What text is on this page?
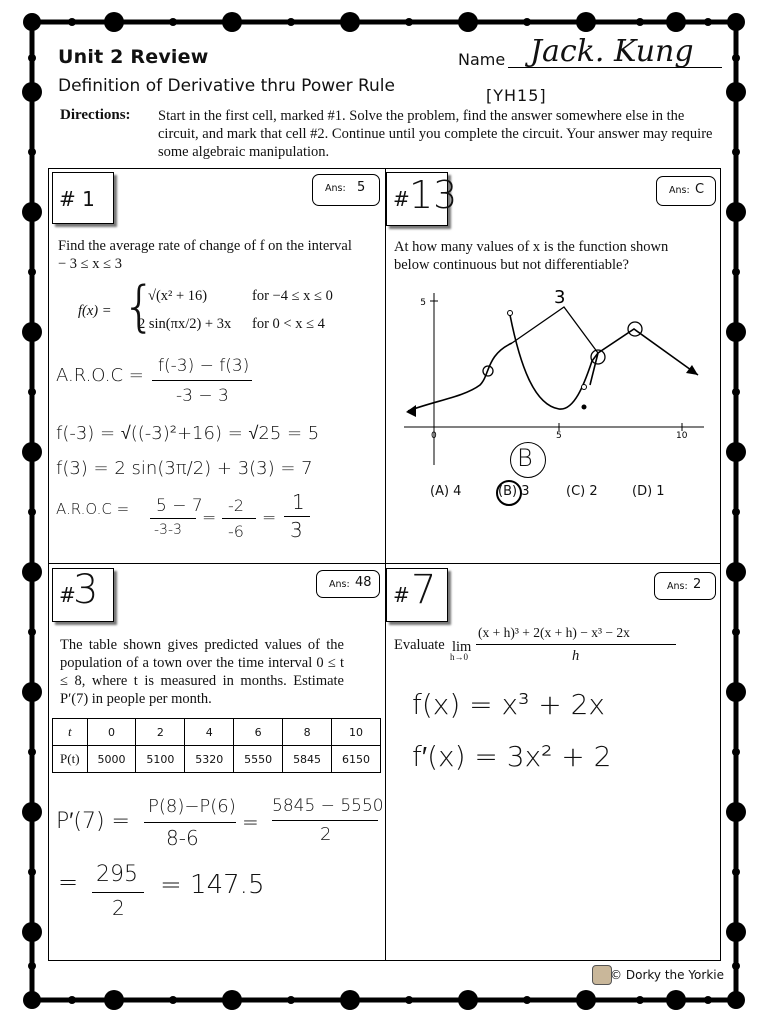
Unit 2 Review
Definition of Derivative thru Power Rule
Name Jack. Kung
[YH15]
Directions: Start in the first cell, marked #1. Solve the problem, find the answer somewhere else in the circuit, and mark that cell #2. Continue until you complete the circuit. Your answer may require some algebraic manipulation.
# 1	Ans: 5
Find the average rate of change of f on the interval
− 3 ≤ x ≤ 3
f(x) = {
√(x² + 16)	for −4 ≤ x ≤ 0
2 sin(πx/2) + 3x for 0 < x ≤ 4
A.R.O.C = f(-3) − f(3)
-3 − 3
f(-3) = √((-3)²+16) = √25 = 5
f(3) = 2 sin(3π/2) + 3(3) = 7
A.R.O.C = 5 − 7
-3-3
=
-2
-6
=
1
3
# 13	Ans: C
At how many values of x is the function shown below continuous but not differentiable?
5
0	5	10
3
B
(A) 4	(B) 3	(C) 2	(D) 1
#
3	Ans: 48
The table shown gives predicted values of the population of a town over the time interval 0 ≤ t ≤ 8, where t is measured in months. Estimate P′(7) in people per month.
t	0	2	4	6	8	10
P(t)	5000	5100	5320	5550	5845	6150
P′(7) =
P(8)−P(6)
8-6
=
5845 − 5550
2
= 295
2
= 147.5
# 7	Ans: 2
Evaluate lim
h→0
(x + h)³ + 2(x + h) − x³ − 2x
h
f(x) = x³ + 2x
f′(x) = 3x² + 2
© Dorky the Yorkie
